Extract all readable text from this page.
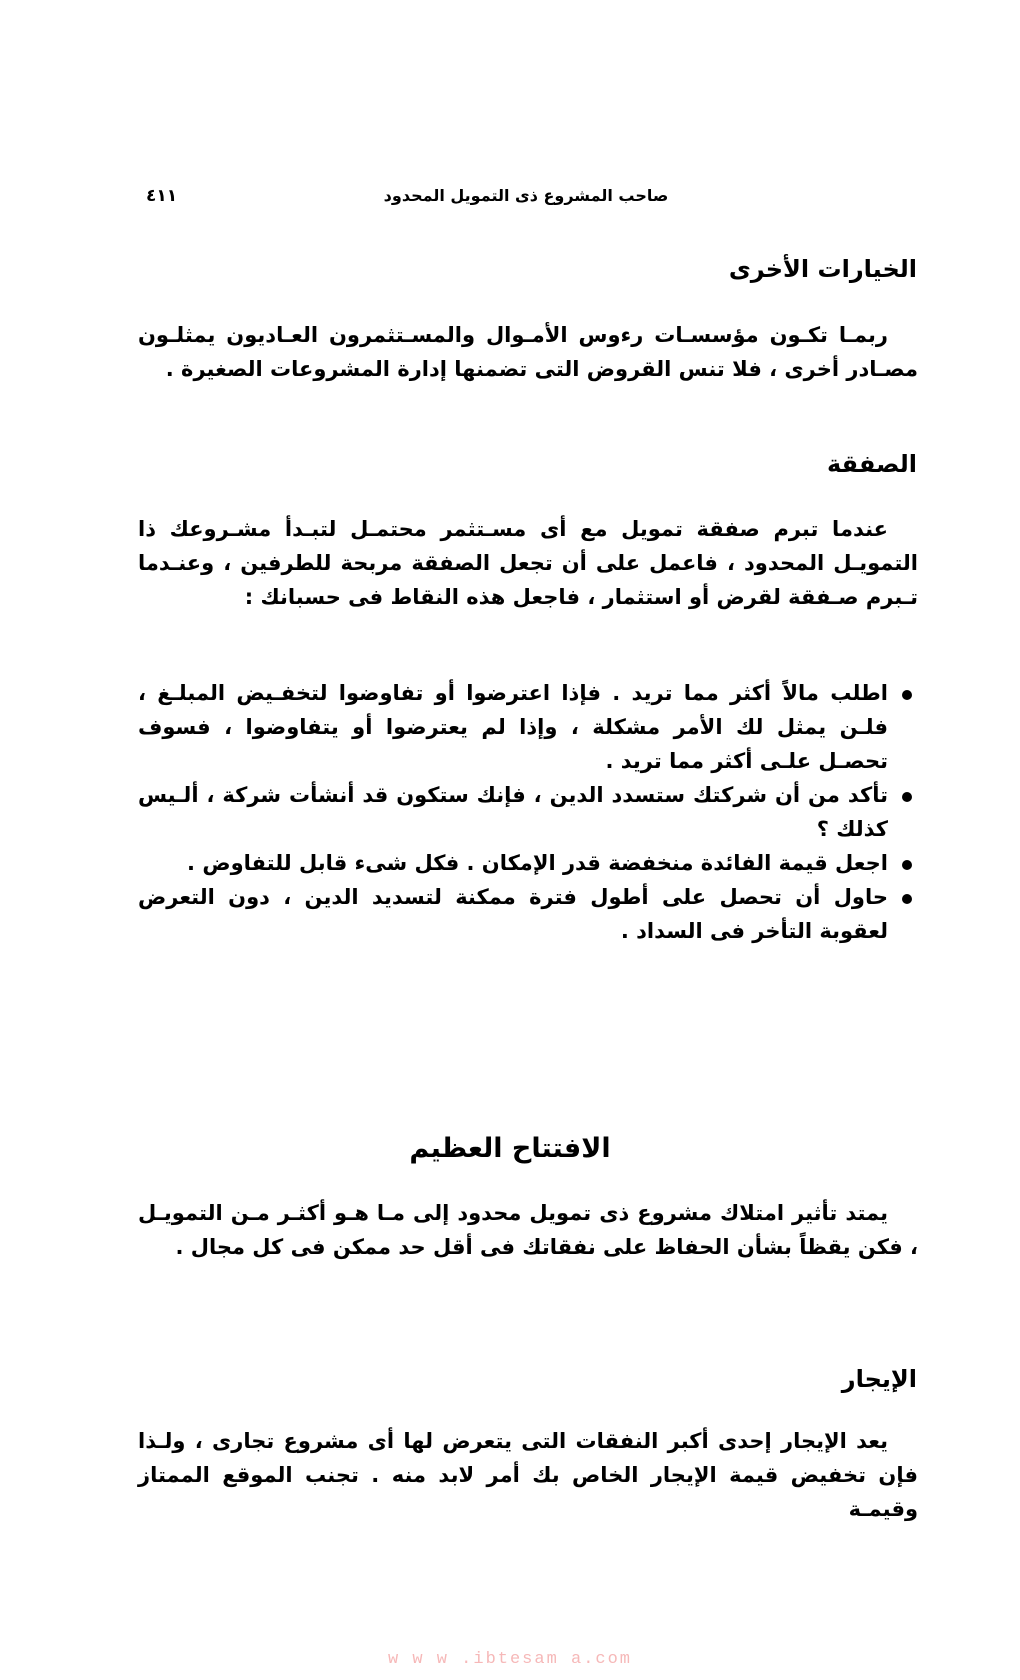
صاحب المشروع ذى التمويل المحدود
٤١١
الخيارات الأخرى
ربمـا تكـون مؤسسـات رءوس الأمـوال والمسـتثمرون العـاديون يمثلـون مصـادر أخرى ، فلا تنس القروض التى تضمنها إدارة المشروعات الصغيرة .
الصفقة
عندما تبرم صفقة تمويل مع أى مسـتثمر محتمـل لتبـدأ مشـروعك ذا التمويـل المحدود ، فاعمل على أن تجعل الصفقة مربحة للطرفين ، وعنـدما تـبرم صـفقة لقرض أو استثمار ، فاجعل هذه النقاط فى حسبانك :
اطلب مالاً أكثر مما تريد . فإذا اعترضوا أو تفاوضوا لتخفـيض المبلـغ ، فلـن يمثل لك الأمر مشكلة ، وإذا لم يعترضوا أو يتفاوضوا ، فسوف تحصـل علـى أكثر مما تريد .
تأكد من أن شركتك ستسدد الدين ، فإنك ستكون قد أنشأت شركة ، ألـيس كذلك ؟
اجعل قيمة الفائدة منخفضة قدر الإمكان . فكل شىء قابل للتفاوض .
حاول أن تحصل على أطول فترة ممكنة لتسديد الدين ، دون التعرض لعقوبة التأخر فى السداد .
الافتتاح العظيم
يمتد تأثير امتلاك مشروع ذى تمويل محدود إلى مـا هـو أكثـر مـن التمويـل ، فكن يقظاً بشأن الحفاظ على نفقاتك فى أقل حد ممكن فى كل مجال .
الإيجار
يعد الإيجار إحدى أكبر النفقات التى يتعرض لها أى مشروع تجارى ، ولـذا فإن تخفيض قيمة الإيجار الخاص بك أمر لابد منه . تجنب الموقع الممتاز وقيمـة
w w w .ibtesam a.com
